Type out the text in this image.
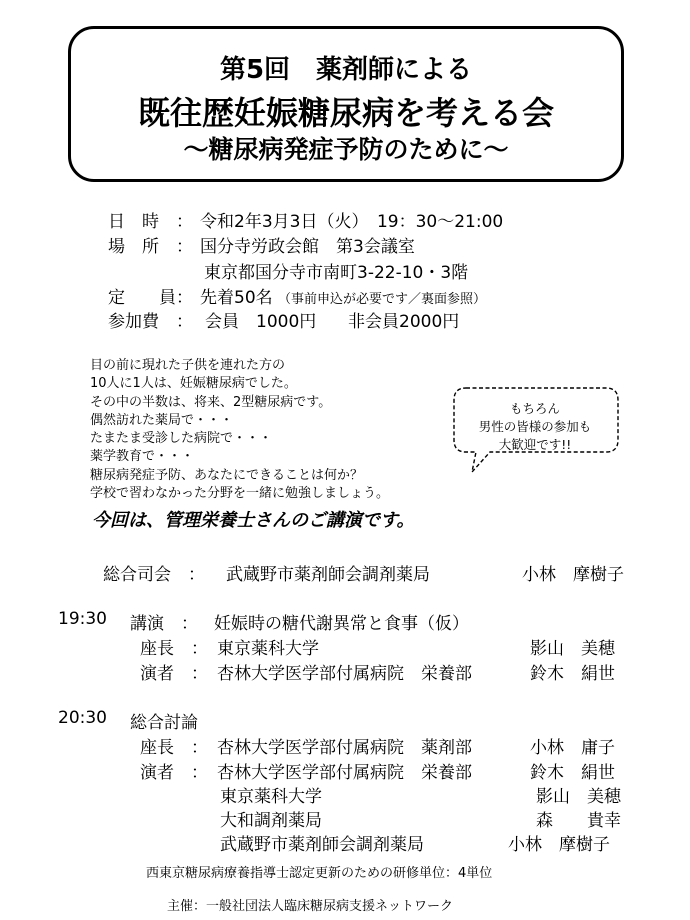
第5回　薬剤師による
既往歴妊娠糖尿病を考える会
～糖尿病発症予防のために～
日　時　： 令和2年3月3日（火）　19：30～21:00
場　所　： 国分寺労政会館　第3会議室
東京都国分寺市南町3-22-10・3階
定　　員： 先着50名 （事前申込が必要です／裏面参照）
参加費　： 会員　1000円 非会員2000円
目の前に現れた子供を連れた方の
10人に1人は、妊娠糖尿病でした。
その中の半数は、将来、2型糖尿病です。
偶然訪れた薬局で・・・
たまたま受診した病院で・・・
薬学教育で・・・
糖尿病発症予防、あなたにできることは何か？
学校で習わなかった分野を一緒に勉強しましょう。
今回は、管理栄養士さんのご講演です。
もちろん
男性の皆様の参加も
大歓迎です!!
総合司会　： 武蔵野市薬剤師会調剤薬局	小林　摩樹子
19:30 講演　： 妊娠時の糖代謝異常と食事（仮）
座長　： 東京薬科大学	影山　美穂
演者　： 杏林大学医学部付属病院　栄養部	鈴木　絹世
20:30 総合討論
座長　： 杏林大学医学部付属病院　薬剤部	小林　庸子
演者　： 杏林大学医学部付属病院　栄養部	鈴木　絹世
東京薬科大学	影山　美穂
大和調剤薬局	森　　貴幸
武蔵野市薬剤師会調剤薬局	小林　摩樹子
西東京糖尿病療養指導士認定更新のための研修単位：4単位
主催：一般社団法人臨床糖尿病支援ネットワーク
